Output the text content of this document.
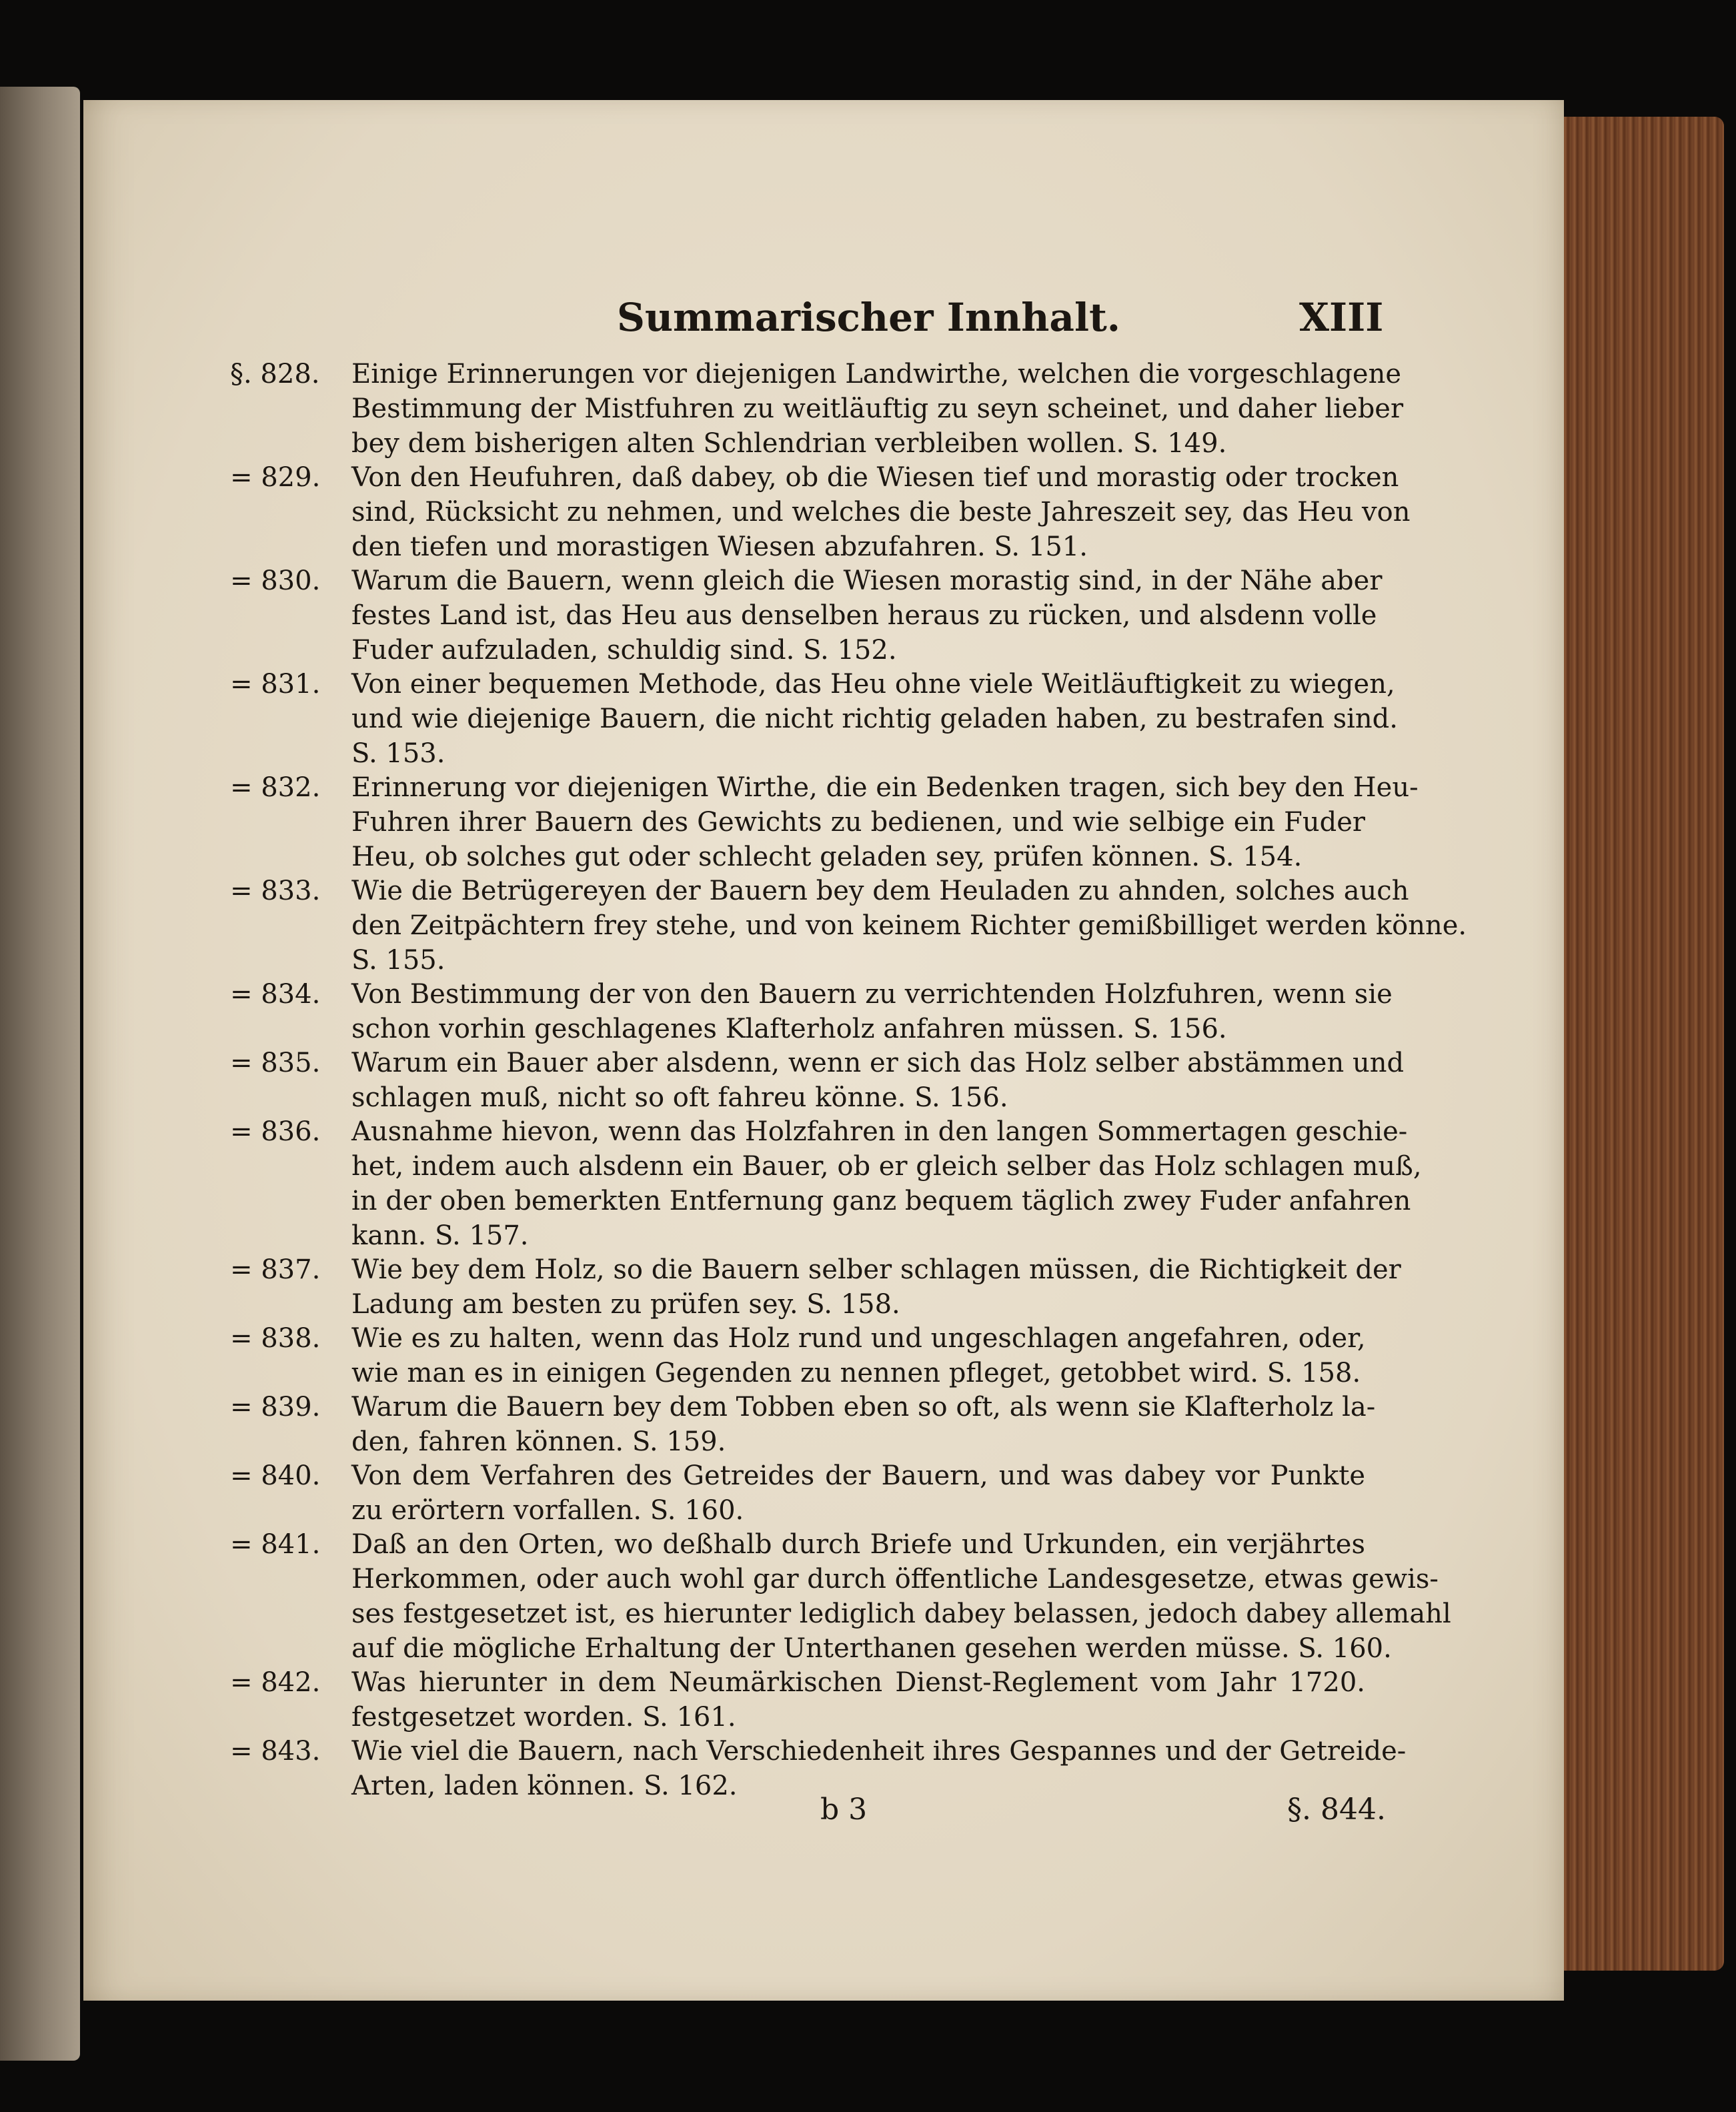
Summarischer Innhalt.	XIII
§. 828.	Einige Erinnerungen vor diejenigen Landwirthe, welchen die vorgeschlagene
Bestimmung der Mistfuhren zu weitläuftig zu seyn scheinet, und daher lieber
bey dem bisherigen alten Schlendrian verbleiben wollen. S. 149.
= 829.	Von den Heufuhren, daß dabey, ob die Wiesen tief und morastig oder trocken
sind, Rücksicht zu nehmen, und welches die beste Jahreszeit sey, das Heu von
den tiefen und morastigen Wiesen abzufahren. S. 151.
= 830.	Warum die Bauern, wenn gleich die Wiesen morastig sind, in der Nähe aber
festes Land ist, das Heu aus denselben heraus zu rücken, und alsdenn volle
Fuder aufzuladen, schuldig sind. S. 152.
= 831.	Von einer bequemen Methode, das Heu ohne viele Weitläuftigkeit zu wiegen,
und wie diejenige Bauern, die nicht richtig geladen haben, zu bestrafen sind.
S. 153.
= 832.	Erinnerung vor diejenigen Wirthe, die ein Bedenken tragen, sich bey den Heu-
Fuhren ihrer Bauern des Gewichts zu bedienen, und wie selbige ein Fuder
Heu, ob solches gut oder schlecht geladen sey, prüfen können. S. 154.
= 833.	Wie die Betrügereyen der Bauern bey dem Heuladen zu ahnden, solches auch
den Zeitpächtern frey stehe, und von keinem Richter gemißbilliget werden könne.
S. 155.
= 834.	Von Bestimmung der von den Bauern zu verrichtenden Holzfuhren, wenn sie
schon vorhin geschlagenes Klafterholz anfahren müssen. S. 156.
= 835.	Warum ein Bauer aber alsdenn, wenn er sich das Holz selber abstämmen und
schlagen muß, nicht so oft fahreu könne. S. 156.
= 836.	Ausnahme hievon, wenn das Holzfahren in den langen Sommertagen geschie-
het, indem auch alsdenn ein Bauer, ob er gleich selber das Holz schlagen muß,
in der oben bemerkten Entfernung ganz bequem täglich zwey Fuder anfahren
kann. S. 157.
= 837.	Wie bey dem Holz, so die Bauern selber schlagen müssen, die Richtigkeit der
Ladung am besten zu prüfen sey. S. 158.
= 838.	Wie es zu halten, wenn das Holz rund und ungeschlagen angefahren, oder,
wie man es in einigen Gegenden zu nennen pfleget, getobbet wird. S. 158.
= 839.	Warum die Bauern bey dem Tobben eben so oft, als wenn sie Klafterholz la-
den, fahren können. S. 159.
= 840.	Von dem Verfahren des Getreides der Bauern, und was dabey vor Punkte
zu erörtern vorfallen. S. 160.
= 841.	Daß an den Orten, wo deßhalb durch Briefe und Urkunden, ein verjährtes
Herkommen, oder auch wohl gar durch öffentliche Landesgesetze, etwas gewis-
ses festgesetzet ist, es hierunter lediglich dabey belassen, jedoch dabey allemahl
auf die mögliche Erhaltung der Unterthanen gesehen werden müsse. S. 160.
= 842.	Was hierunter in dem Neumärkischen Dienst-Reglement vom Jahr 1720.
festgesetzet worden. S. 161.
= 843.	Wie viel die Bauern, nach Verschiedenheit ihres Gespannes und der Getreide-
Arten, laden können. S. 162.
b 3	§. 844.
